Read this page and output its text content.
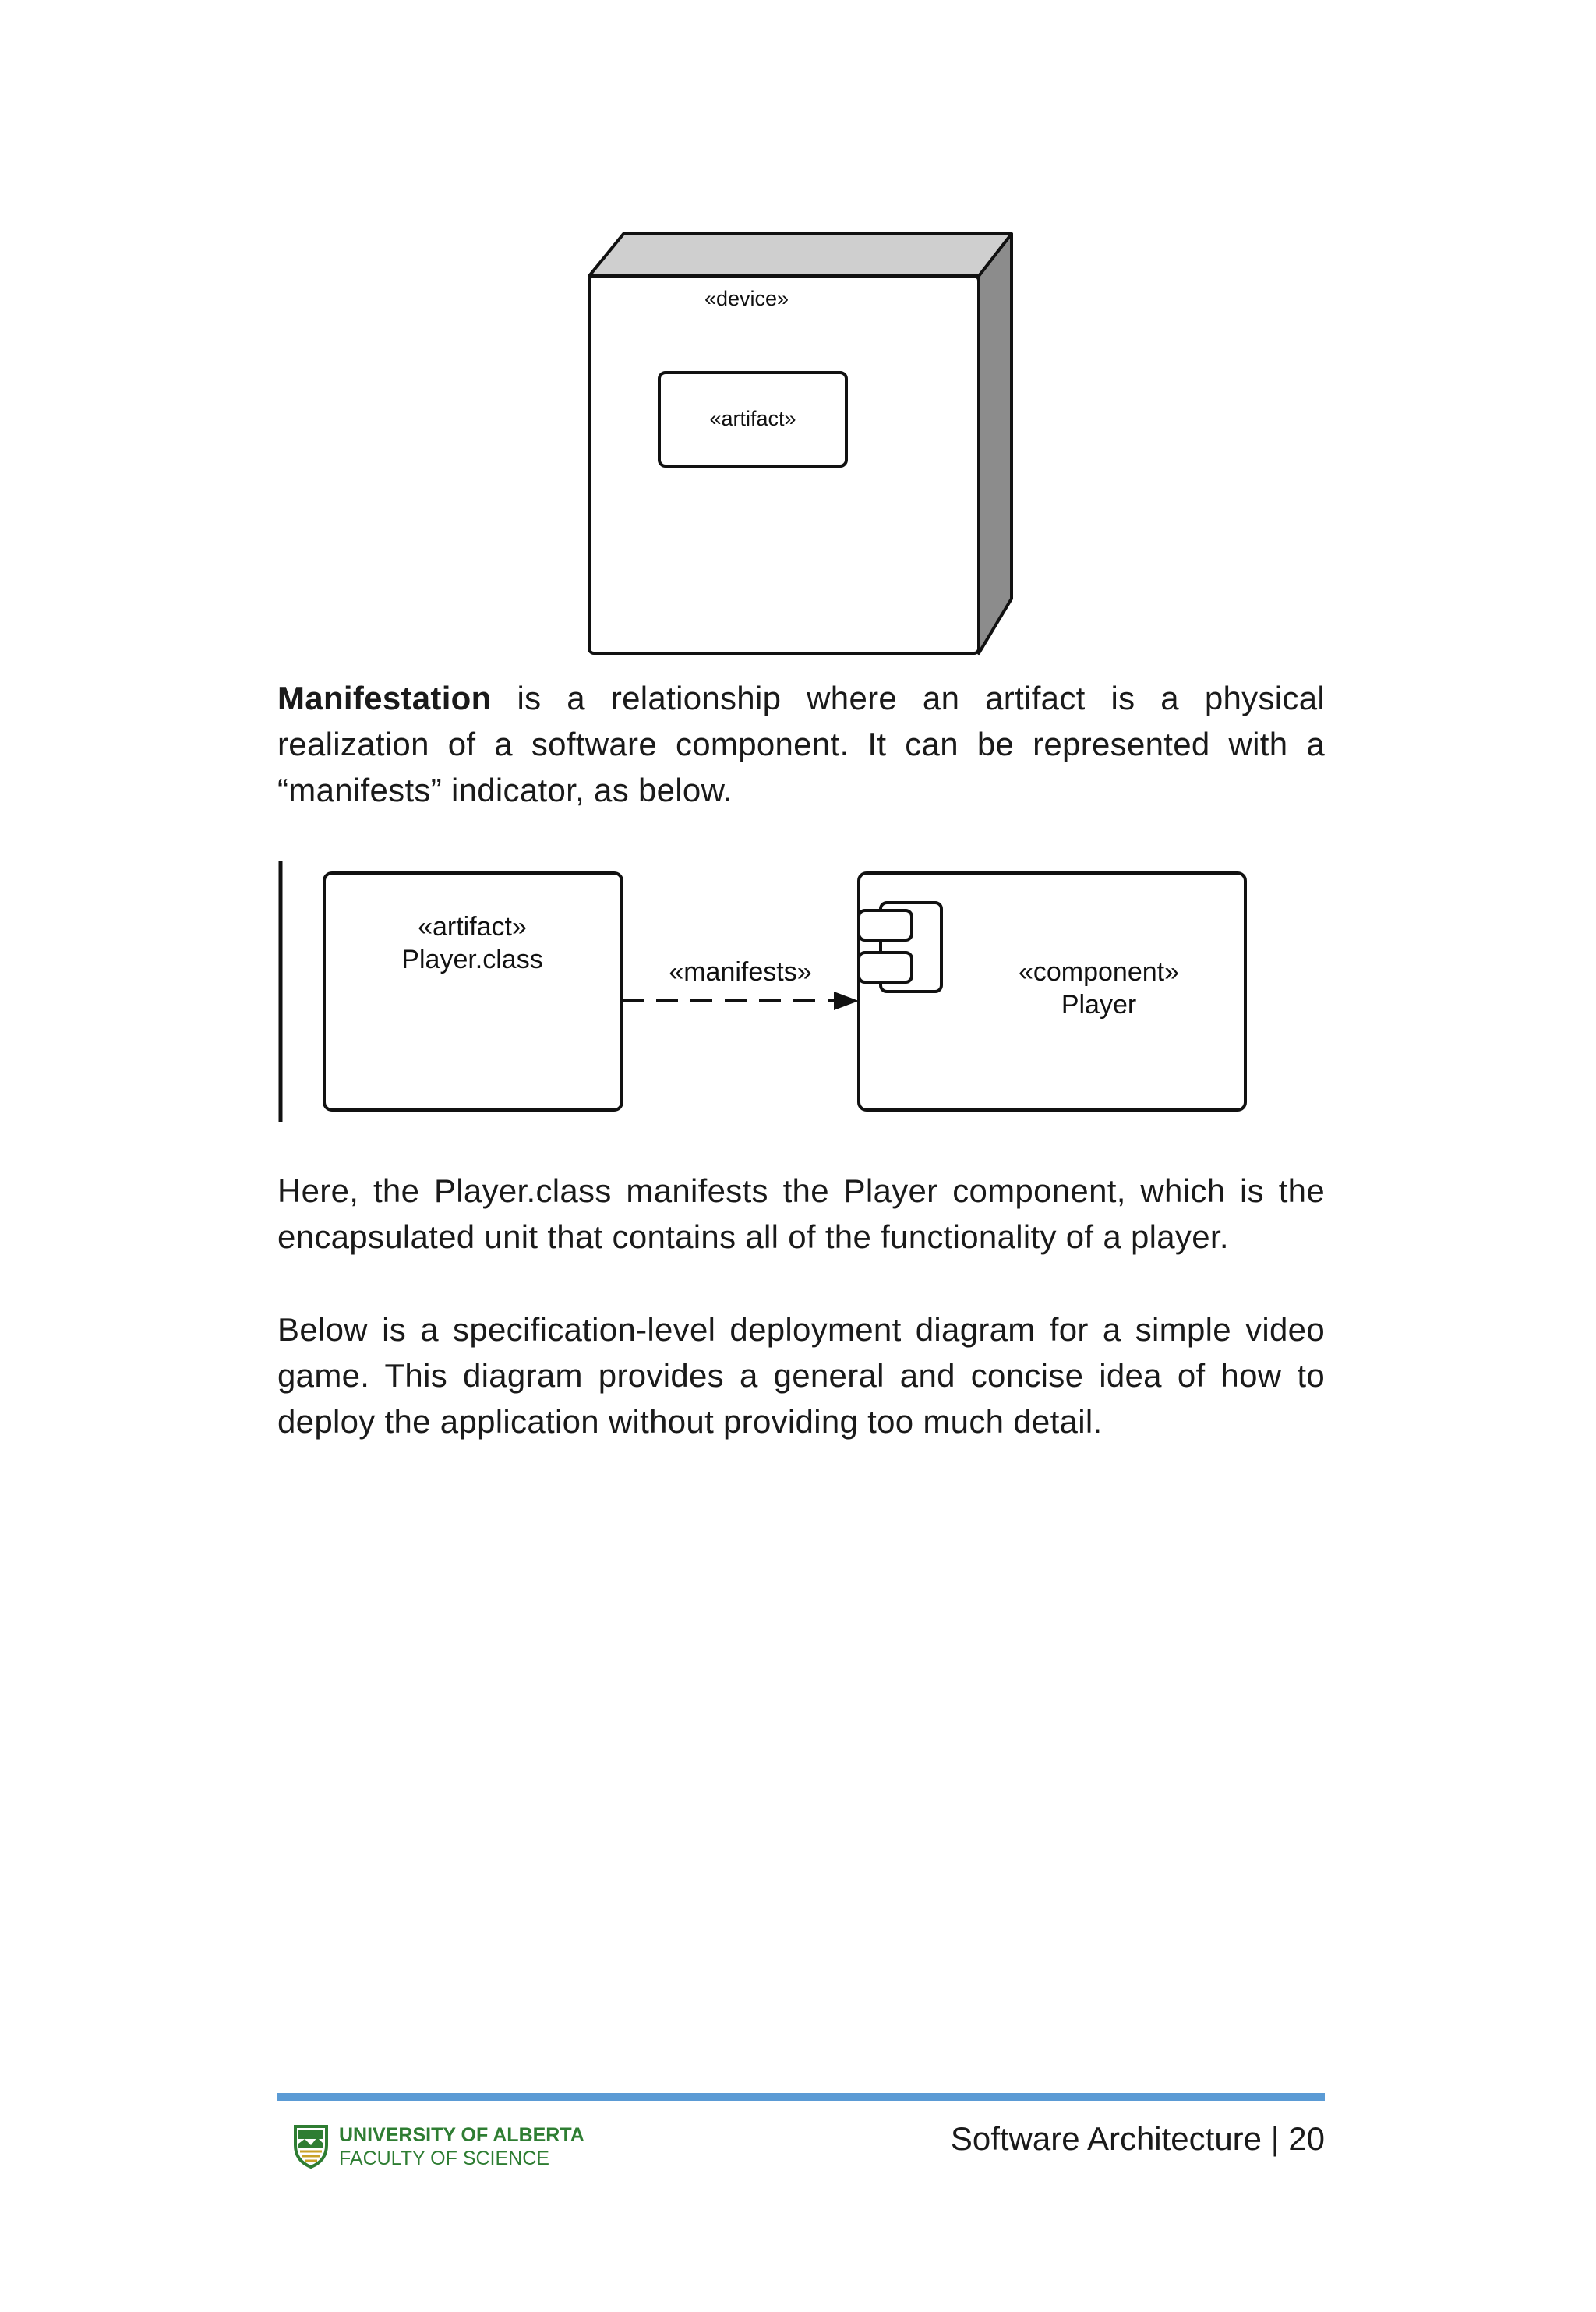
«device»
«artifact»

Manifestation is a relationship where an artifact is a physical realization of a software component. It can be represented with a “manifests” indicator, as below.

«artifact»
Player.class	«manifests»	«component»
Player

Here, the Player.class manifests the Player component, which is the encapsulated unit that contains all of the functionality of a player.

Below is a specification-level deployment diagram for a simple video game. This diagram provides a general and concise idea of how to deploy the application without providing too much detail.

UNIVERSITY OF ALBERTA
FACULTY OF SCIENCE
Software Architecture | 20
